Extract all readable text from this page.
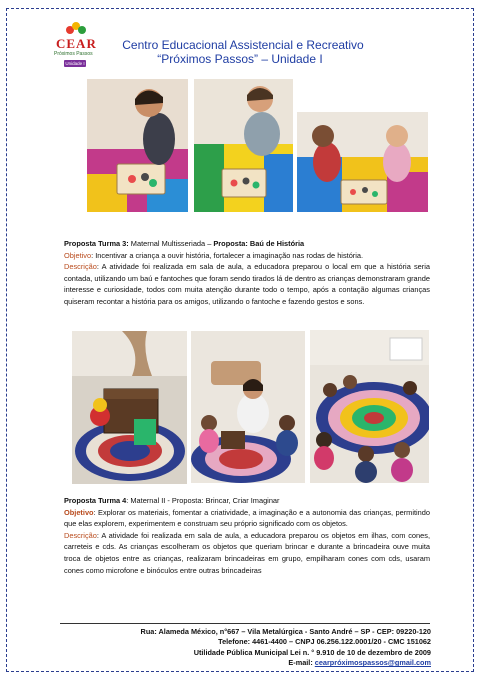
CEAR
Próximos Passos
Unidade I
Centro Educacional Assistencial e Recreativo
“Próximos Passos” – Unidade I

Proposta Turma 3: Maternal Multisseriada – Proposta: Baú de História

Objetivo: Incentivar a criança a ouvir história, fortalecer a imaginação nas rodas de história.

Descrição: A atividade foi realizada em sala de aula, a educadora preparou o local em que a história seria contada, utilizando um baú e fantoches que foram sendo tirados lá de dentro as crianças demonstraram grande interesse e curiosidade, todos com muita atenção durante todo o tempo, após a contação algumas crianças quiseram recontar a história para os amigos, utilizando o fantoche e fazendo gestos e sons.

Proposta Turma 4: Maternal II - Proposta: Brincar, Criar Imaginar

Objetivo: Explorar os materiais, fomentar a criatividade, a imaginação e a autonomia das crianças, permitindo que elas explorem, experimentem e construam seu próprio significado com os objetos.

Descrição: A atividade foi realizada em sala de aula, a educadora preparou os objetos em ilhas, com cones, carreteis e cds. As crianças escolheram os objetos que queriam brincar e durante a brincadeira ouve muita troca de objetos entre as crianças, realizaram brincadeiras em grupo, empilharam cones com cds, usaram cones como microfone e binóculos entre outras brincadeiras

Rua: Alameda México, n°667 – Vila Metalúrgica - Santo André – SP - CEP: 09220-120
Telefone: 4461-4400 – CNPJ 06.256.122.0001/20 - CMC 151062
Utilidade Pública Municipal Lei n. ° 9.910 de 10 de dezembro de 2009
E-mail: cearpróximospassos@gmail.com
